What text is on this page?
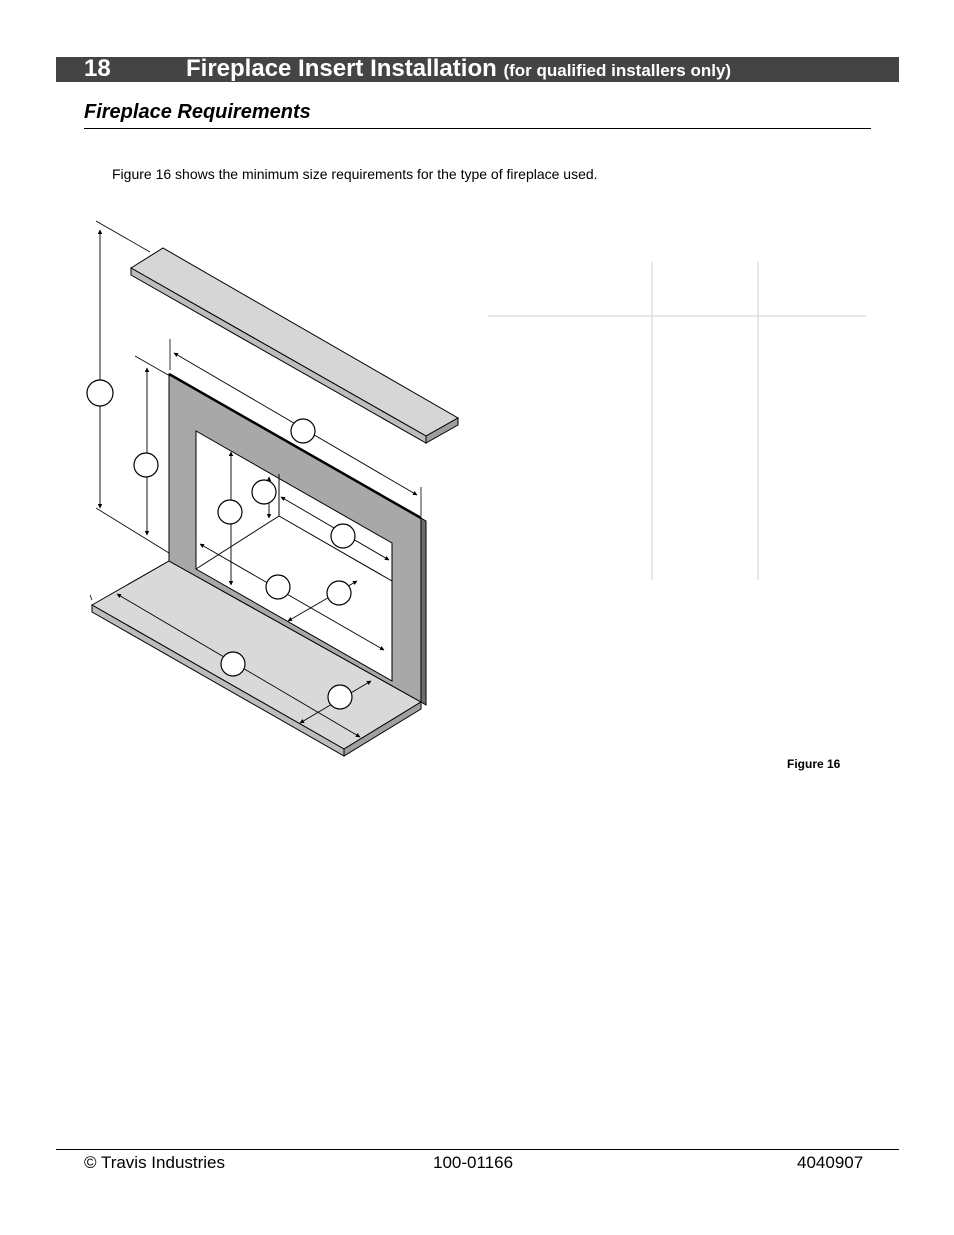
18	Fireplace Insert Installation (for qualified installers only)
Fireplace Requirements
Figure 16 shows the minimum size requirements for the type of fireplace used.
Figure 16
© Travis Industries	100-01166	4040907
